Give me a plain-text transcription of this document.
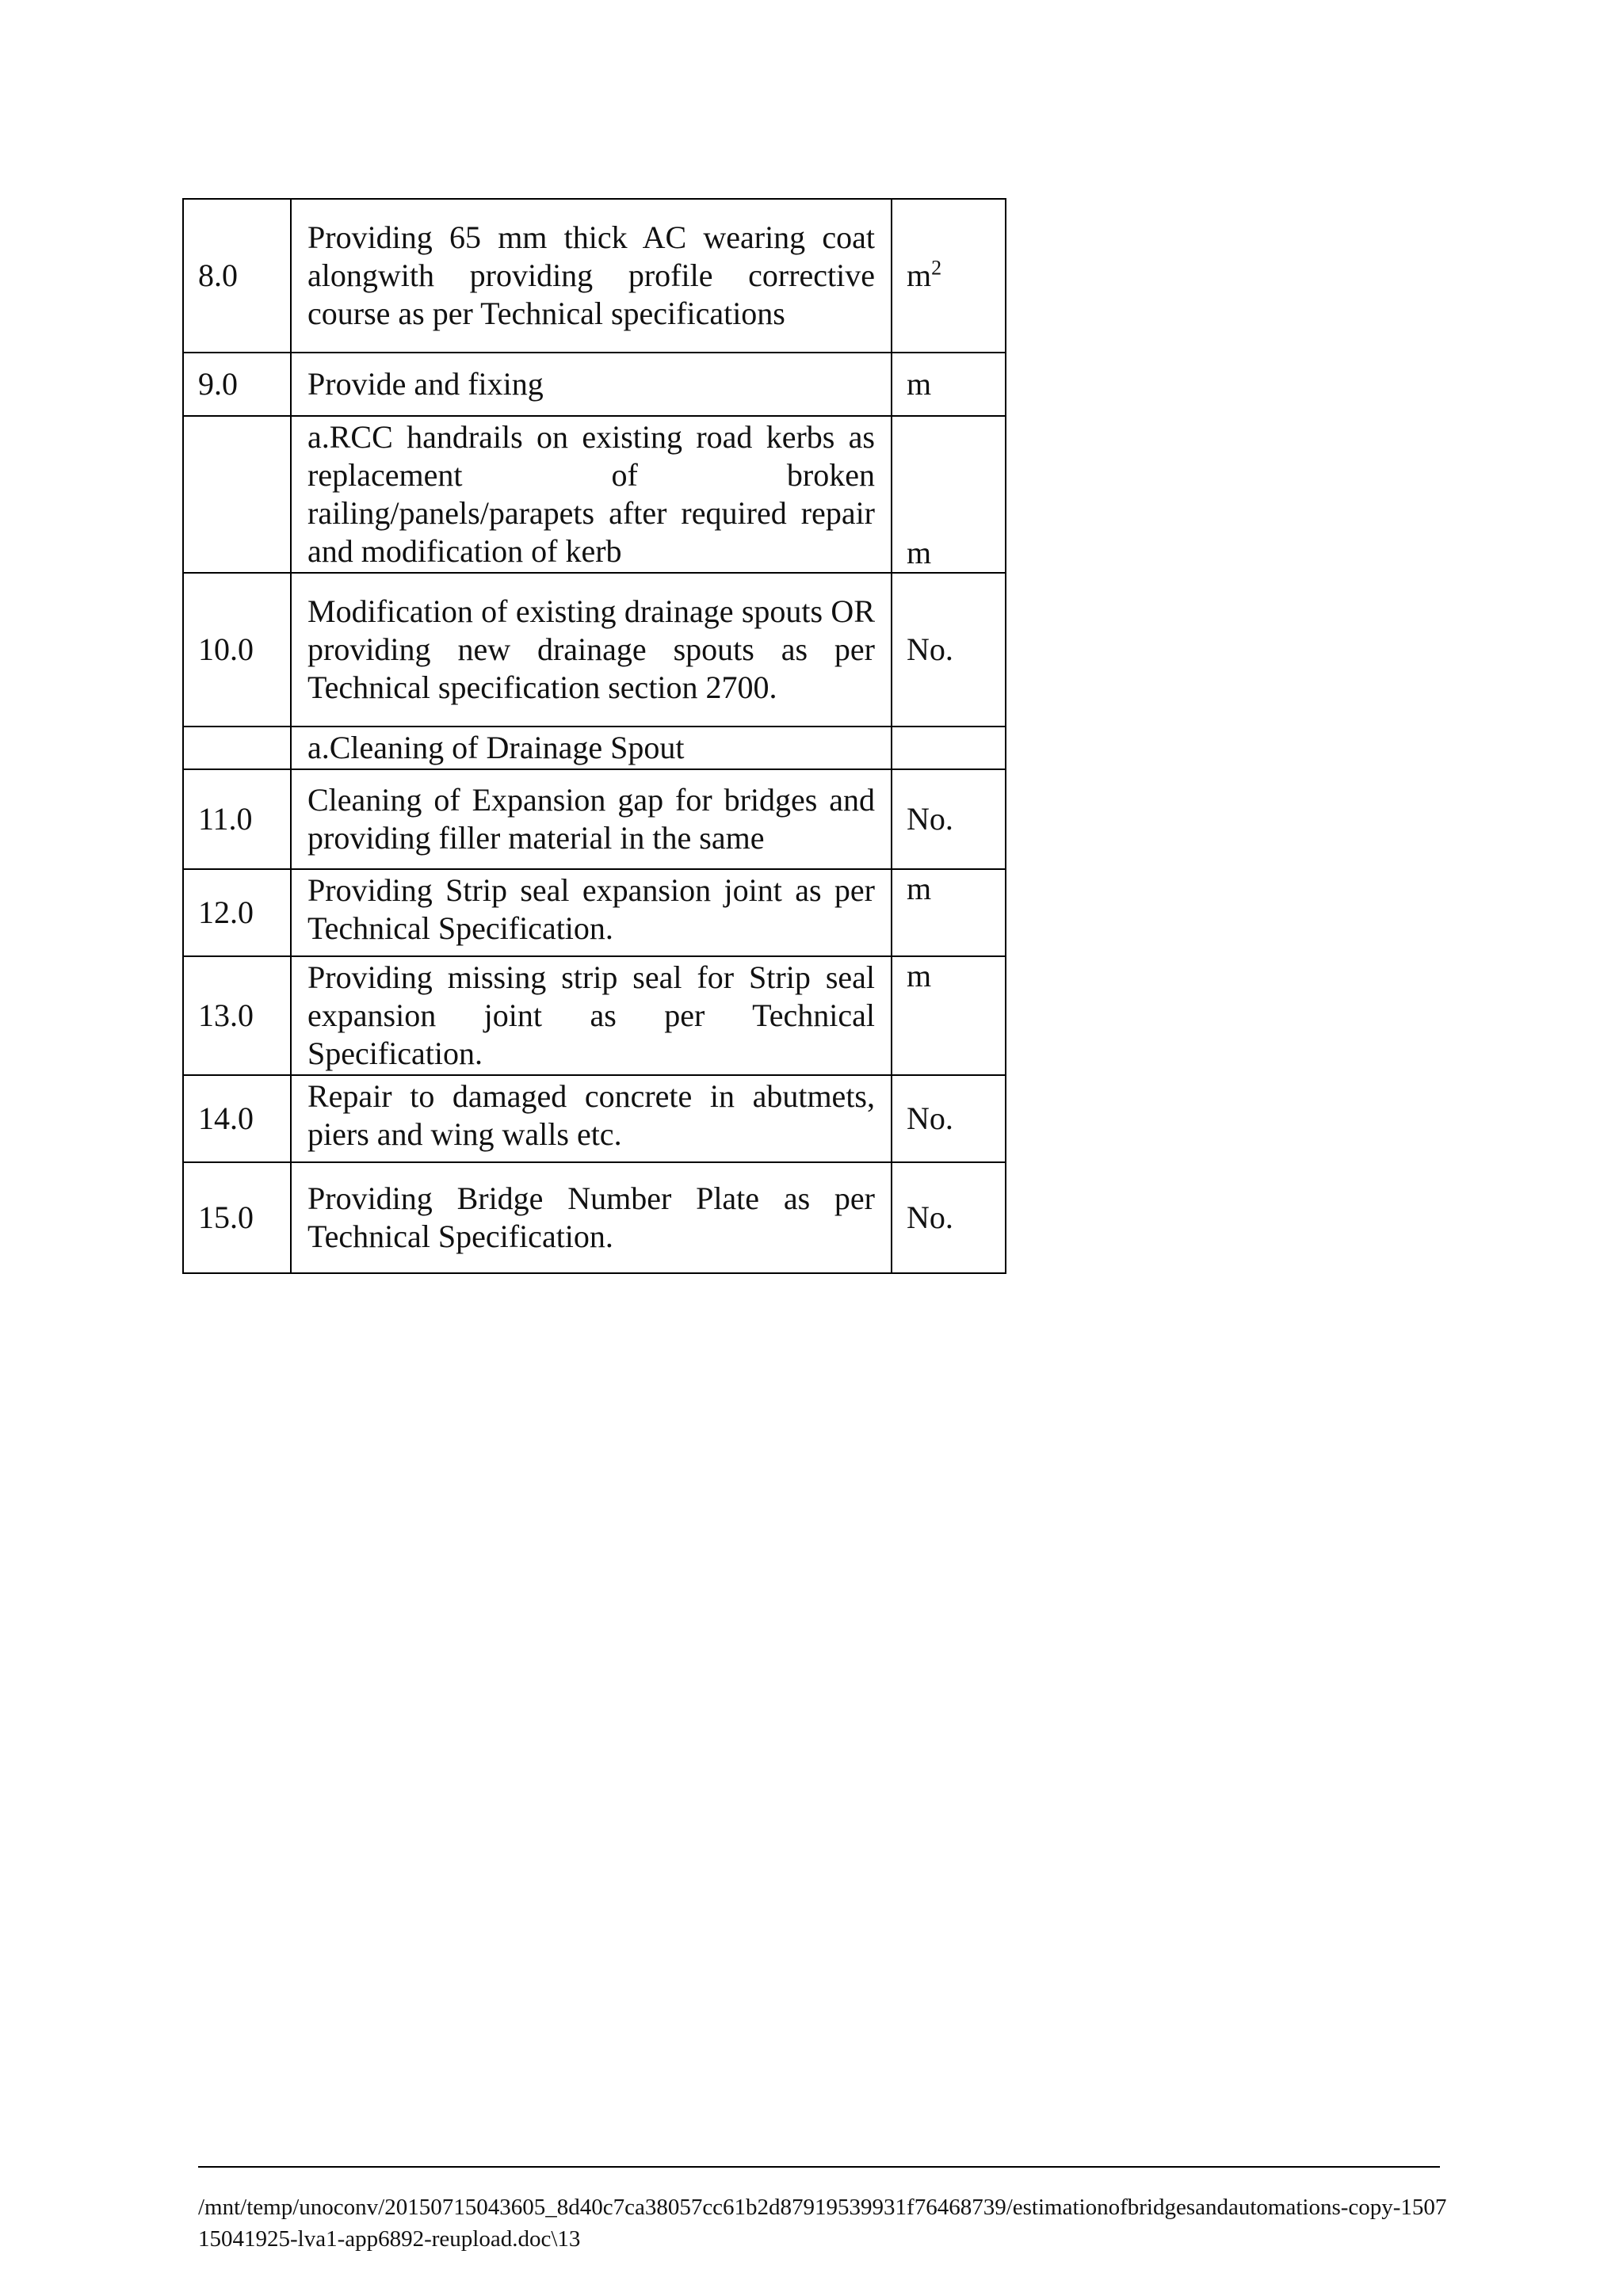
8.0	Providing 65 mm thick AC wearing coat alongwith providing profile corrective course as per Technical specifications	$m^2$
9.0	Provide and fixing	m
	a.RCC handrails on existing road kerbs as replacement of broken railing/panels/parapets after required repair and modification of kerb	m
10.0	Modification of existing drainage spouts OR providing new drainage spouts as per Technical specification section 2700.	No.
	a.Cleaning of Drainage Spout	
11.0	Cleaning of Expansion gap for bridges and providing filler material in the same	No.
12.0	Providing Strip seal expansion joint as per Technical Specification.	m
13.0	Providing missing strip seal for Strip seal expansion joint as per Technical Specification.	m
14.0	Repair to damaged concrete in abutmets, piers and wing walls etc.	No.
15.0	Providing Bridge Number Plate as per Technical Specification.	No.
/mnt/temp/unoconv/20150715043605_8d40c7ca38057cc61b2d87919539931f76468739/estimationofbridgesandautomations-copy-150715041925-lva1-app6892-reupload.doc\13
